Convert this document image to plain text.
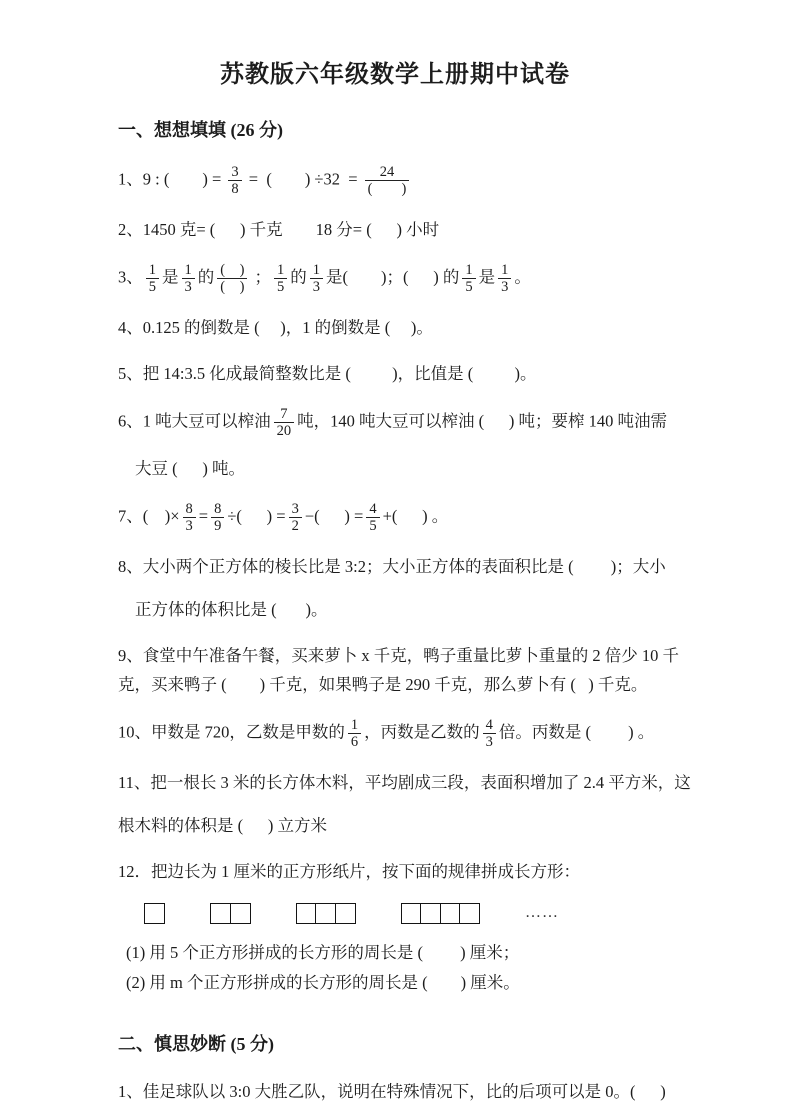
苏教版六年级数学上册期中试卷
一、想想填填 (26 分)
1、9 : (        ) = $\frac{3}{8}$ =  (        ) $\div 32 = \frac{24}{( )}$
2、1450 克= (      ) 千克        18 分= (      ) 小时
3、 $\frac{1}{5}$ 是 $\frac{1}{3}$ 的 $\frac{( )}{( )}$ ； $\frac{1}{5}$ 的 $\frac{1}{3}$ 是(        )；(      ) 的 $\frac{1}{5}$ 是 $\frac{1}{3}$ 。
4、0.125 的倒数是 (     )，1 的倒数是 (     )。
5、把 14:3.5 化成最简整数比是 (          )，比值是 (          )。
6、1 吨大豆可以榨油 $\frac{7}{20}$ 吨，140 吨大豆可以榨油 (      ) 吨；要榨 140 吨油需
大豆 (      ) 吨。
7、(    )× $\frac{8}{3} = \frac{8}{9}$ ÷(      ) = $\frac{3}{2}$ −(      ) = $\frac{4}{5}$ +(      ) 。
8、大小两个正方体的棱长比是 3:2；大小正方体的表面积比是 (         )；大小
正方体的体积比是 (       )。
9、食堂中午准备午餐，买来萝卜 x 千克，鸭子重量比萝卜重量的 2 倍少 10 千
克，买来鸭子 (        ) 千克，如果鸭子是 290 千克，那么萝卜有 (   ) 千克。
10、甲数是 720，乙数是甲数的 $\frac{1}{6}$ ，丙数是乙数的 $\frac{4}{3}$ 倍。丙数是 (         ) 。
11、把一根长 3 米的长方体木料，平均剧成三段，表面积增加了 2.4 平方米，这
根木料的体积是 (      ) 立方米
12．把边长为 1 厘米的正方形纸片，按下面的规律拼成长方形：
……
(1) 用 5 个正方形拼成的长方形的周长是 (         ) 厘米；
(2) 用 m 个正方形拼成的长方形的周长是 (        ) 厘米。
二、慎思妙断 (5 分)
1、佳足球队以 3:0 大胜乙队，说明在特殊情况下，比的后项可以是 0。(      )
